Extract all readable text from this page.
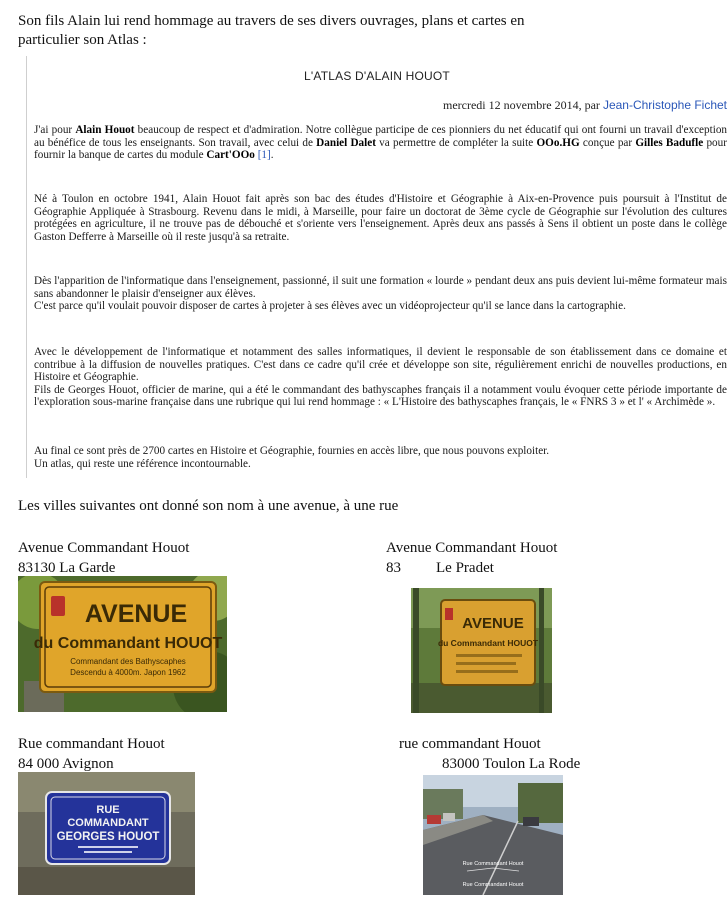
Son fils Alain lui rend hommage au travers de ses divers ouvrages, plans et cartes en
particulier son Atlas :
L'ATLAS D'ALAIN HOUOT
mercredi 12 novembre 2014, par Jean-Christophe Fichet
J'ai pour Alain Houot beaucoup de respect et d'admiration. Notre collègue participe de ces pionniers du net éducatif qui ont fourni un travail d'exception au bénéfice de tous les enseignants. Son travail, avec celui de Daniel Dalet va permettre de compléter la suite OOo.HG conçue par Gilles Badufle pour fournir la banque de cartes du module Cart'OOo [1].
Né à Toulon en octobre 1941, Alain Houot fait après son bac des études d'Histoire et Géographie à Aix-en-Provence puis poursuit à l'Institut de Géographie Appliquée à Strasbourg. Revenu dans le midi, à Marseille, pour faire un doctorat de 3ème cycle de Géographie sur l'évolution des cultures protégées en agriculture, il ne trouve pas de débouché et s'oriente vers l'enseignement. Après deux ans passés à Sens il obtient un poste dans le collège Gaston Defferre à Marseille où il reste jusqu'à sa retraite.
Dès l'apparition de l'informatique dans l'enseignement, passionné, il suit une formation « lourde » pendant deux ans puis devient lui-même formateur mais sans abandonner le plaisir d'enseigner aux élèves.
C'est parce qu'il voulait pouvoir disposer de cartes à projeter à ses élèves avec un vidéoprojecteur qu'il se lance dans la cartographie.
Avec le développement de l'informatique et notamment des salles informatiques, il devient le responsable de son établissement dans ce domaine et contribue à la diffusion de nouvelles pratiques. C'est dans ce cadre qu'il crée et développe son site, régulièrement enrichi de nouvelles productions, en Histoire et Géographie.
Fils de Georges Houot, officier de marine, qui a été le commandant des bathyscaphes français il a notamment voulu évoquer cette période importante de l'exploration sous-marine française dans une rubrique qui lui rend hommage : « L'Histoire des bathyscaphes français, le « FNRS 3 » et l' « Archimède ».
Au final ce sont près de 2700 cartes en Histoire et Géographie, fournies en accès libre, que nous pouvons exploiter.
Un atlas, qui reste une référence incontournable.
Les villes suivantes ont donné son nom à une avenue, à une rue
Avenue Commandant Houot
83130 La Garde
AVENUE
du Commandant HOUOT
Commandant des Bathyscaphes
Descendu à 4000m. Japon 1962
Avenue Commandant Houot
83 Le Pradet
AVENUE
du Commandant HOUOT
Rue commandant Houot
84 000 Avignon
RUE
COMMANDANT
GEORGES HOUOT
rue commandant Houot
83000 Toulon La Rode
Rue Commandant Houot
Rue Commandant Houot
